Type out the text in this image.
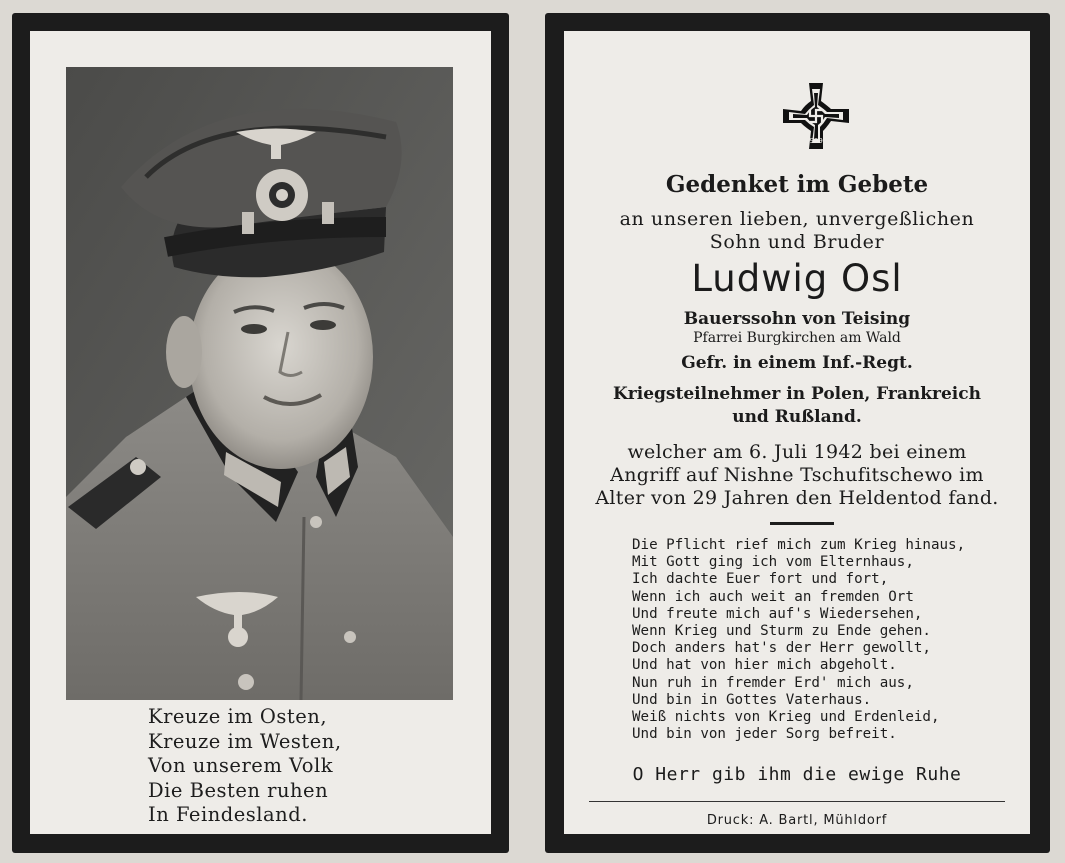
Kreuze im Osten,
Kreuze im Westen,
Von unserem Volk
Die Besten ruhen
In Feindesland.
1939
Gedenket im Gebete
an unseren lieben, unvergeßlichen
Sohn und Bruder
Ludwig Osl
Bauerssohn von Teising
Pfarrei Burgkirchen am Wald
Gefr. in einem Inf.-Regt.
Kriegsteilnehmer in Polen, Frankreich
und Rußland.
welcher am 6. Juli 1942 bei einem
Angriff auf Nishne Tschufitschewo im
Alter von 29 Jahren den Heldentod fand.
Die Pflicht rief mich zum Krieg hinaus,
Mit Gott ging ich vom Elternhaus,
Ich dachte Euer fort und fort,
Wenn ich auch weit an fremden Ort
Und freute mich auf's Wiedersehen,
Wenn Krieg und Sturm zu Ende gehen.
Doch anders hat's der Herr gewollt,
Und hat von hier mich abgeholt.
Nun ruh in fremder Erd' mich aus,
Und bin in Gottes Vaterhaus.
Weiß nichts von Krieg und Erdenleid,
Und bin von jeder Sorg befreit.
O Herr gib ihm die ewige Ruhe
Druck: A. Bartl, Mühldorf
